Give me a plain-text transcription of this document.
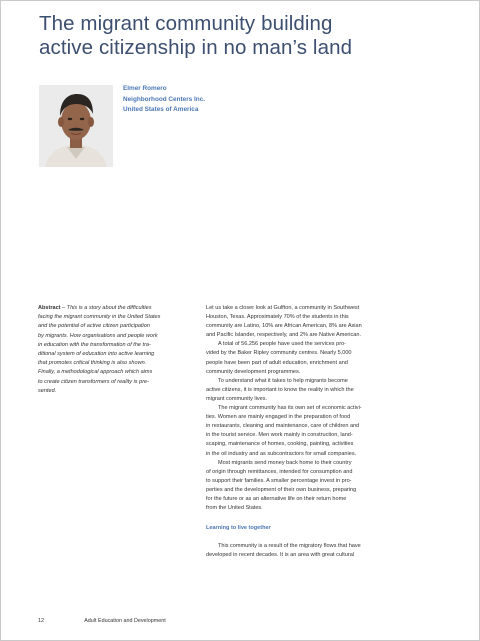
The migrant community building
active citizenship in no man’s land
Elmer Romero
Neighborhood Centers Inc.
United States of America
Abstract – This is a story about the difficulties
facing the migrant community in the United States
and the potential of active citizen participation
by migrants. How organisations and people work
in education with the transformation of the tra-
ditional system of education into active learning
that promotes critical thinking is also shown.
Finally, a methodological approach which aims
to create citizen transformers of reality is pre-
sented.
Let us take a closer look at Gulfton, a community in Southwest
Houston, Texas. Approximately 70% of the students in this
community are Latino, 10% are African American, 8% are Asian
and Pacific Islander, respectively, and 2% are Native American.
A total of 56,256 people have used the services pro-
vided by the Baker Ripley community centres. Nearly 5,000
people have been part of adult education, enrichment and
community development programmes.
To understand what it takes to help migrants become
active citizens, it is important to know the reality in which the
migrant community lives.
The migrant community has its own set of economic activi-
ties. Women are mainly engaged in the preparation of food
in restaurants, cleaning and maintenance, care of children and
in the tourist service. Men work mainly in construction, land-
scaping, maintenance of homes, cooking, painting, activities
in the oil industry and as subcontractors for small companies.
Most migrants send money back home to their country
of origin through remittances, intended for consumption and
to support their families. A smaller percentage invest in pro-
perties and the development of their own business, preparing
for the future or as an alternative life on their return home
from the United States.
Learning to live together
This community is a result of the migratory flows that have
developed in recent decades. It is an area with great cultural
12	Adult Education and Development
